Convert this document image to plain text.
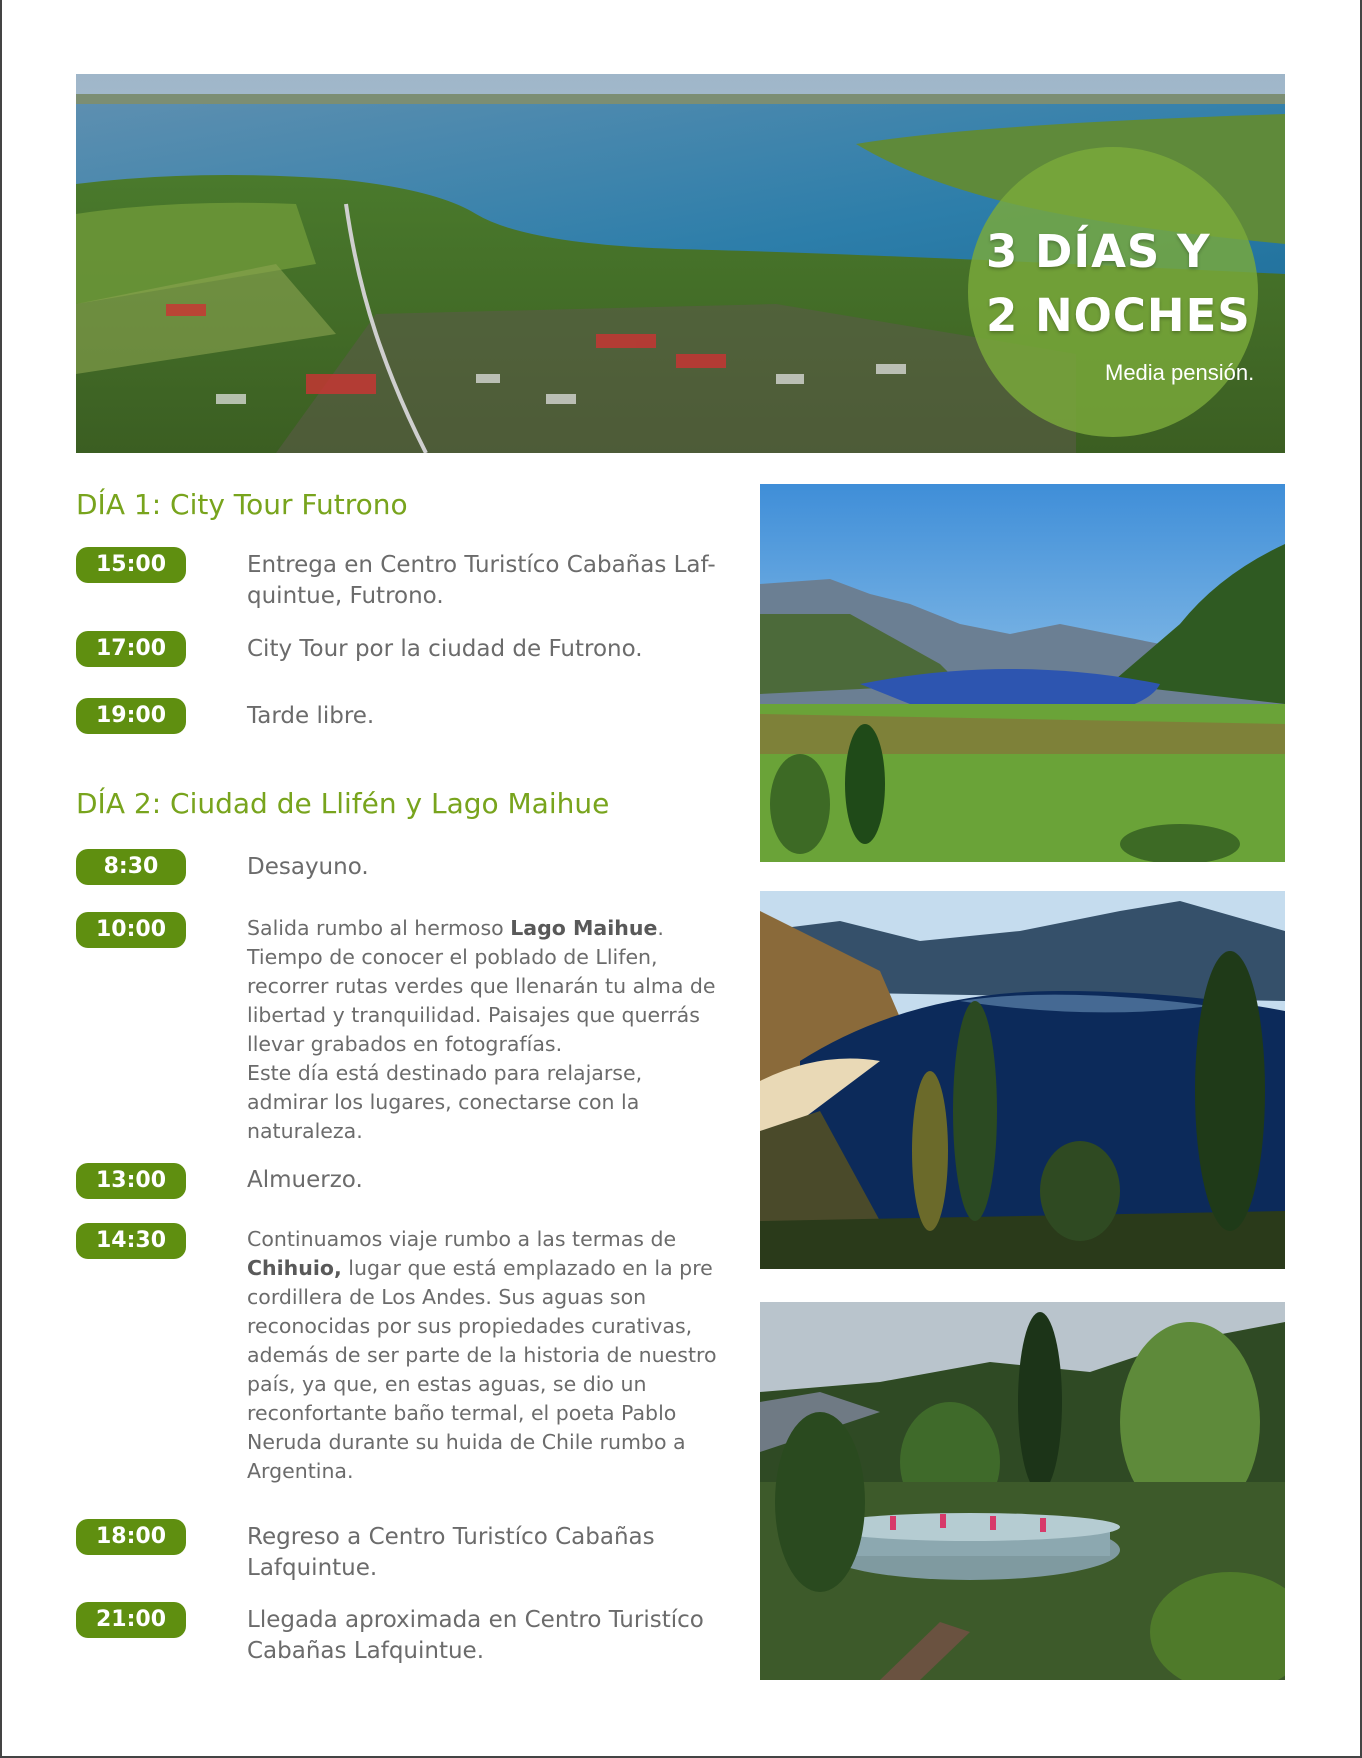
3 DÍAS Y
2 NOCHES
Media pensión.
DÍA 1: City Tour Futrono
15:00	Entrega en Centro Turistíco Cabañas Laf-quintue, Futrono.
17:00	City Tour por la ciudad de Futrono.
19:00	Tarde libre.
DÍA 2: Ciudad de Llifén y Lago Maihue
8:30	Desayuno.
10:00	Salida rumbo al hermoso Lago Maihue.
Tiempo de conocer el poblado de Llifen, recorrer rutas verdes que llenarán tu alma de libertad y tranquilidad. Paisajes que querrás llevar grabados en fotografías.
Este día está destinado para relajarse, admirar los lugares, conectarse con la naturaleza.
13:00	Almuerzo.
14:30	Continuamos viaje rumbo a las termas de Chihuio, lugar que está emplazado en la pre cordillera de Los Andes. Sus aguas son reconocidas por sus propiedades curativas, además de ser parte de la historia de nuestro país, ya que, en estas aguas, se dio un reconfortante baño termal, el poeta Pablo Neruda durante su huida de Chile rumbo a Argentina.
18:00	Regreso a Centro Turistíco Cabañas Lafquintue.
21:00	Llegada aproximada en Centro Turistíco Cabañas Lafquintue.
